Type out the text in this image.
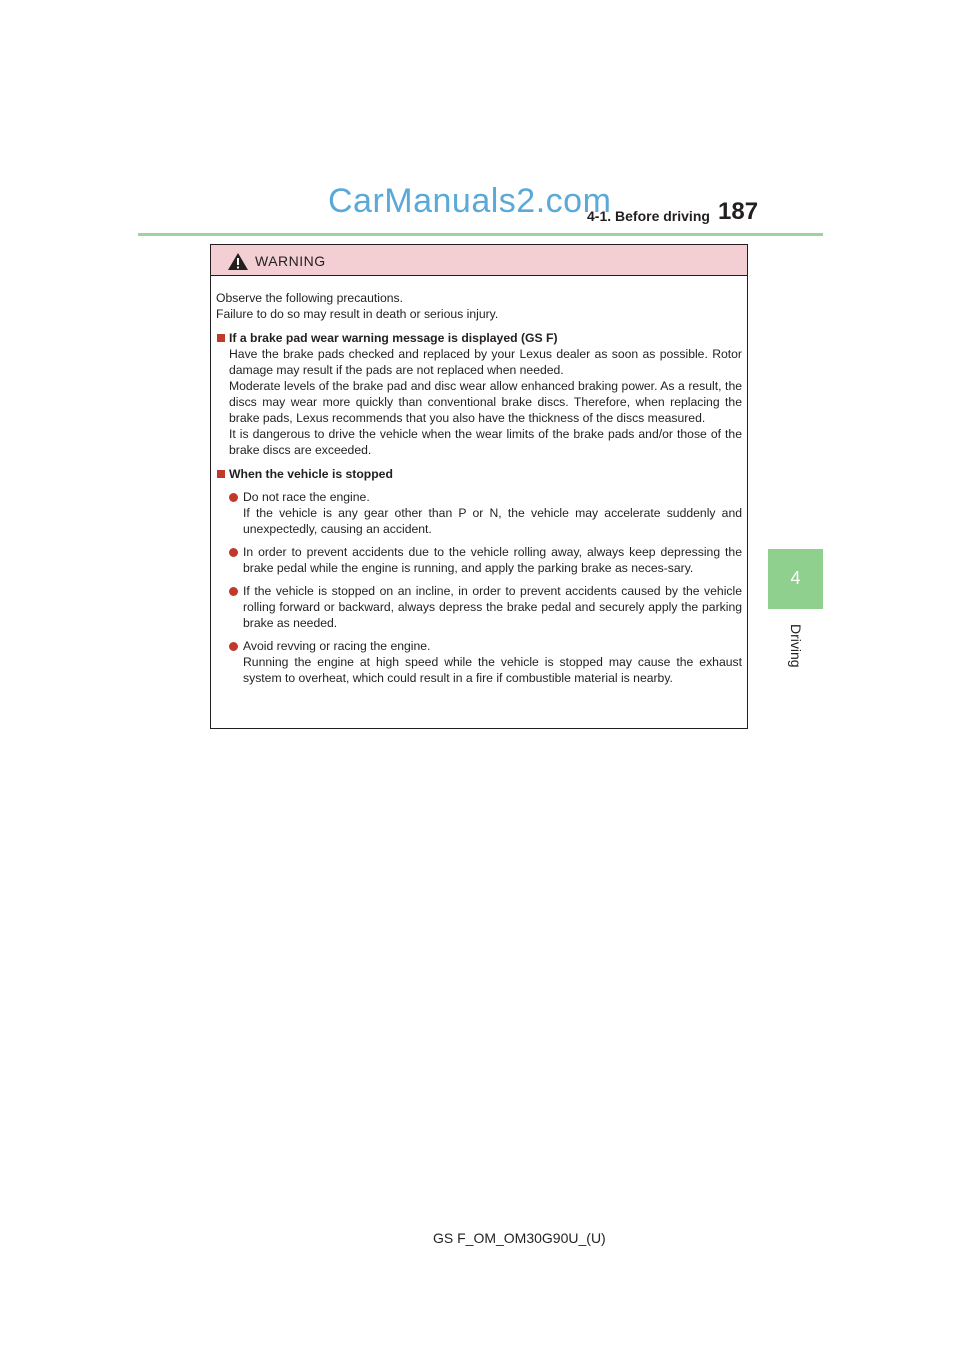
CarManuals2.com
4-1. Before driving 187
4
Driving
WARNING
Observe the following precautions.
Failure to do so may result in death or serious injury.
If a brake pad wear warning message is displayed (GS F)
Have the brake pads checked and replaced by your Lexus dealer as soon as possible. Rotor damage may result if the pads are not replaced when needed.
Moderate levels of the brake pad and disc wear allow enhanced braking power. As a result, the discs may wear more quickly than conventional brake discs. Therefore, when replacing the brake pads, Lexus recommends that you also have the thickness of the discs measured.
It is dangerous to drive the vehicle when the wear limits of the brake pads and/or those of the brake discs are exceeded.
When the vehicle is stopped
Do not race the engine.
If the vehicle is any gear other than P or N, the vehicle may accelerate suddenly and unexpectedly, causing an accident.
In order to prevent accidents due to the vehicle rolling away, always keep depressing the brake pedal while the engine is running, and apply the parking brake as neces-sary.
If the vehicle is stopped on an incline, in order to prevent accidents caused by the vehicle rolling forward or backward, always depress the brake pedal and securely apply the parking brake as needed.
Avoid revving or racing the engine.
Running the engine at high speed while the vehicle is stopped may cause the exhaust system to overheat, which could result in a fire if combustible material is nearby.
GS F_OM_OM30G90U_(U)
